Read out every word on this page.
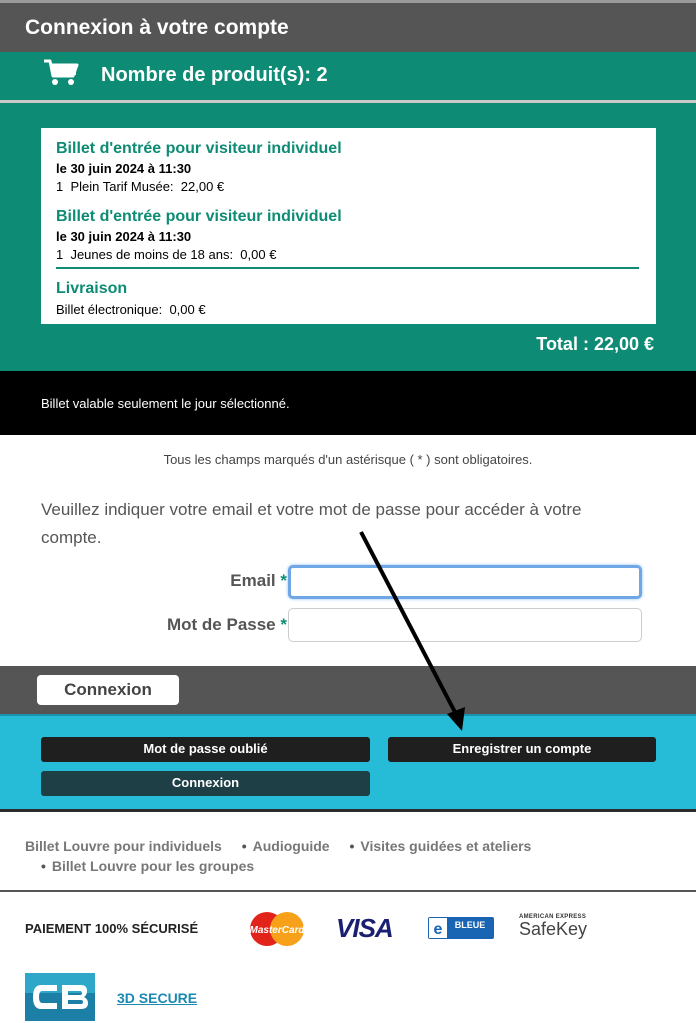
Connexion à votre compte
Nombre de produit(s): 2
Billet d'entrée pour visiteur individuel
le 30 juin 2024 à 11:30
1  Plein Tarif Musée:  22,00 €
Billet d'entrée pour visiteur individuel
le 30 juin 2024 à 11:30
1  Jeunes de moins de 18 ans:  0,00 €
Livraison
Billet électronique:  0,00 €
Total : 22,00 €
Billet valable seulement le jour sélectionné.
Tous les champs marqués d'un astérisque ( * ) sont obligatoires.
Veuillez indiquer votre email et votre mot de passe pour accéder à votre compte.
Email *
Mot de Passe *
Connexion
Mot de passe oublié	Enregistrer un compte
Connexion
Billet Louvre pour individuels • Audioguide • Visites guidées et ateliers
• Billet Louvre pour les groupes
PAIEMENT 100% SÉCURISÉ	MasterCard VISA	e BLEUE
AMERICAN EXPRESS
SafeKey
3D SECURE
